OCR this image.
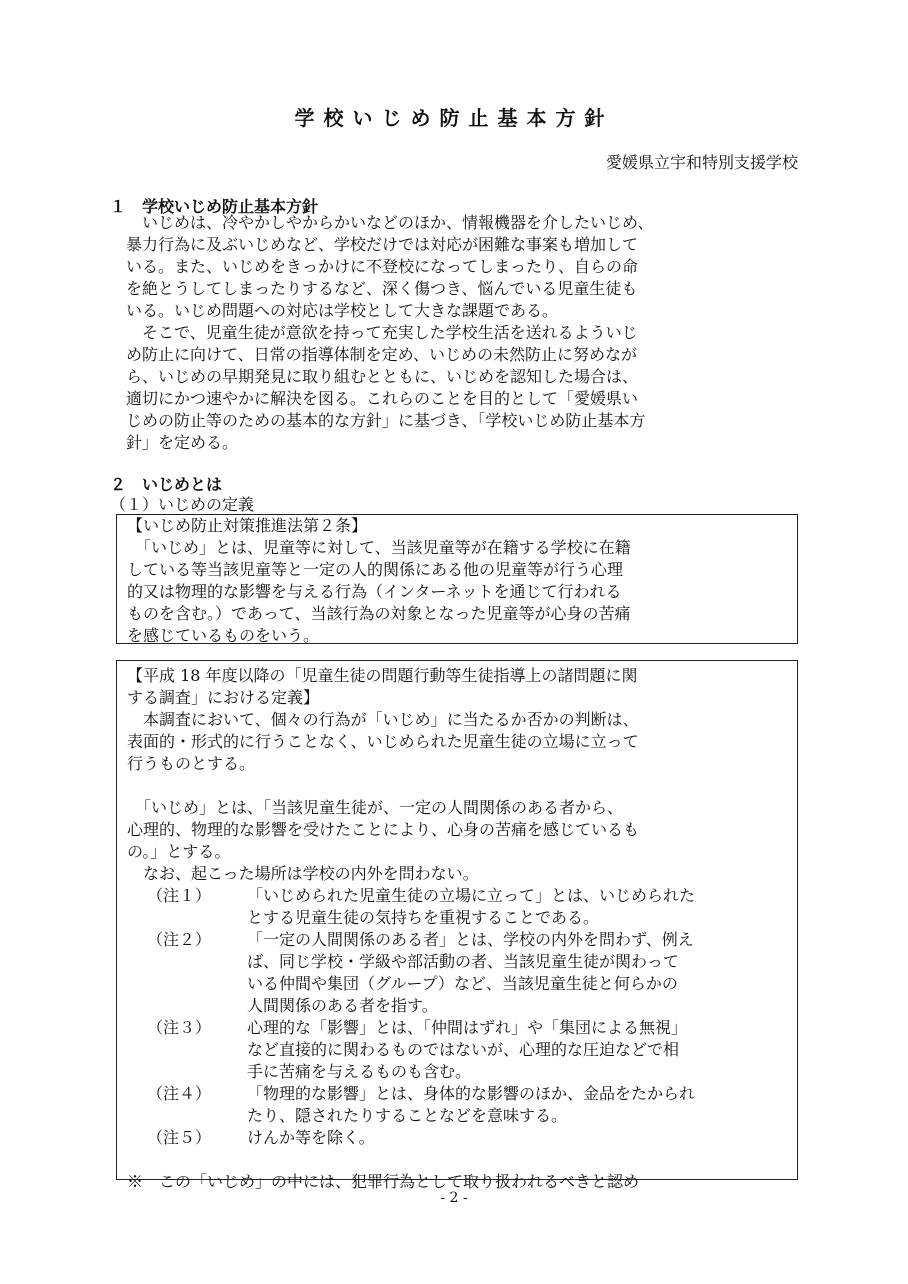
学校いじめ防止基本方針
愛媛県立宇和特別支援学校
１　学校いじめ防止基本方針
　いじめは、冷やかしやからかいなどのほか、情報機器を介したいじめ、
暴力行為に及ぶいじめなど、学校だけでは対応が困難な事案も増加して
いる。また、いじめをきっかけに不登校になってしまったり、自らの命
を絶とうしてしまったりするなど、深く傷つき、悩んでいる児童生徒も
いる。いじめ問題への対応は学校として大きな課題である。
　そこで、児童生徒が意欲を持って充実した学校生活を送れるよういじ
め防止に向けて、日常の指導体制を定め、いじめの未然防止に努めなが
ら、いじめの早期発見に取り組むとともに、いじめを認知した場合は、
適切にかつ速やかに解決を図る。これらのことを目的として「愛媛県い
じめの防止等のための基本的な方針」に基づき、「学校いじめ防止基本方
針」を定める。
２　いじめとは
（１）いじめの定義
【いじめ防止対策推進法第２条】
　「いじめ」とは、児童等に対して、当該児童等が在籍する学校に在籍
している等当該児童等と一定の人的関係にある他の児童等が行う心理
的又は物理的な影響を与える行為（インターネットを通じて行われる
ものを含む。）であって、当該行為の対象となった児童等が心身の苦痛
を感じているものをいう。
【平成 18 年度以降の「児童生徒の問題行動等生徒指導上の諸問題に関
する調査」における定義】
　本調査において、個々の行為が「いじめ」に当たるか否かの判断は、
表面的・形式的に行うことなく、いじめられた児童生徒の立場に立って
行うものとする。
　「いじめ」とは、「当該児童生徒が、一定の人間関係のある者から、
心理的、物理的な影響を受けたことにより、心身の苦痛を感じているも
の。」とする。
　なお、起こった場所は学校の内外を問わない。
（注１）	「いじめられた児童生徒の立場に立って」とは、いじめられた
とする児童生徒の気持ちを重視することである。
（注２）	「一定の人間関係のある者」とは、学校の内外を問わず、例え
ば、同じ学校・学級や部活動の者、当該児童生徒が関わって
いる仲間や集団（グループ）など、当該児童生徒と何らかの
人間関係のある者を指す。
（注３）	心理的な「影響」とは、「仲間はずれ」や「集団による無視」
など直接的に関わるものではないが、心理的な圧迫などで相
手に苦痛を与えるものも含む。
（注４）	「物理的な影響」とは、身体的な影響のほか、金品をたかられ
たり、隠されたりすることなどを意味する。
（注５）	けんか等を除く。
※　この「いじめ」の中には、犯罪行為として取り扱われるべきと認め
- 2 -
